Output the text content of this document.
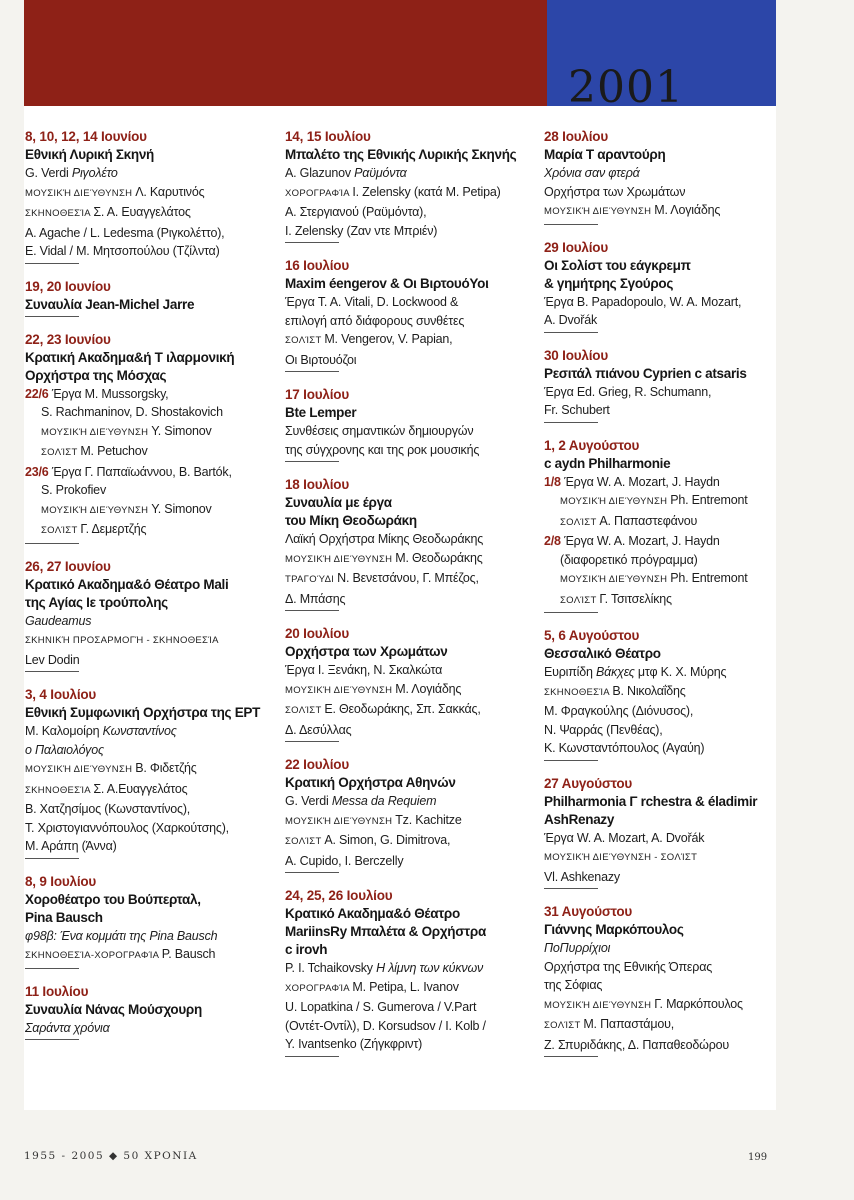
2001
8, 10, 12, 14 Ιουνίου
Εθνική Λυρική Σκηνή
G. Verdi Ριγολέτο
ΜΟΥΣΙΚΉ ΔΙΕΎΘΥΝΣΗ Λ. Καρυτινός
ΣΚΗΝΟΘΕΣΊΑ Σ. Α. Ευαγγελάτος
A. Agache / L. Ledesma (Ριγκολέττο),
E. Vidal / Μ. Μητσοπούλου (Τζίλντα)
19, 20 Ιουνίου
Συναυλία Jean-Michel Jarre
22, 23 Ιουνίου
Κρατική Ακαδημα&ή Τ ιλαρμονική
Ορχήστρα της Μόσχας
22/6 Έργα M. Mussorgsky,
S. Rachmaninov, D. Shostakovich
ΜΟΥΣΙΚΉ ΔΙΕΎΘΥΝΣΗ Y. Simonov
ΣΟΛΊΣΤ M. Petuchov
23/6 Έργα Γ. Παπαϊωάννου, B. Bartók,
S. Prokofiev
ΜΟΥΣΙΚΉ ΔΙΕΎΘΥΝΣΗ Y. Simonov
ΣΟΛΊΣΤ Γ. Δεμερτζής
26, 27 Ιουνίου
Κρατικό Ακαδημα&ό Θέατρο Mali
της Αγίας Ιε τρούπολης
Gaudeamus
ΣΚΗΝΙΚΉ ΠΡΟΣΑΡΜΟΓΉ - ΣΚΗΝΟΘΕΣΊΑ
Lev Dodin
3, 4 Ιουλίου
Εθνική Συμφωνική Ορχήστρα της ΕΡΤ
Μ. Καλομοίρη Κωνσταντίνος
ο Παλαιολόγος
ΜΟΥΣΙΚΉ ΔΙΕΎΘΥΝΣΗ Β. Φιδετζής
ΣΚΗΝΟΘΕΣΊΑ Σ. Α.Ευαγγελάτος
Β. Χατζησίμος (Κωνσταντίνος),
Τ. Χριστογιαννόπουλος (Χαρκούτσης),
Μ. Αράπη (Άννα)
8, 9 Ιουλίου
Χοροθέατρο του Βούπερταλ,
Pina Bausch
φ98β: Ένα κομμάτι της Pina Bausch
ΣΚΗΝΟΘΕΣΊΑ-ΧΟΡΟΓΡΑΦΊΑ P. Bausch
11 Ιουλίου
Συναυλία Νάνας Μούσχουρη
Σαράντα χρόνια
14, 15 Ιουλίου
Μπαλέτο της Εθνικής Λυρικής Σκηνής
A. Glazunov Ραϋμόντα
ΧΟΡΟΓΡΑΦΊΑ I. Zelensky (κατά M. Petipa)
Α. Στεργιανού (Ραϋμόντα),
I. Zelensky (Ζαν ντε Μπριέν)
16 Ιουλίου
Maxim éengerov & Οι ΒιρτουόΥοι
Έργα T. A. Vitali, D. Lockwood &
επιλογή από διάφορους συνθέτες
ΣΟΛΊΣΤ M. Vengerov, V. Papian,
Οι Βιρτουόζοι
17 Ιουλίου
Bte Lemper
Συνθέσεις σημαντικών δημιουργών
της σύγχρονης και της ροκ μουσικής
18 Ιουλίου
Συναυλία με έργα
του Μίκη Θεοδωράκη
Λαϊκή Ορχήστρα Μίκης Θεοδωράκης
ΜΟΥΣΙΚΉ ΔΙΕΎΘΥΝΣΗ Μ. Θεοδωράκης
ΤΡΑΓΟΎΔΙ Ν. Βενετσάνου, Γ. Μπέζος,
Δ. Μπάσης
20 Ιουλίου
Ορχήστρα των Χρωμάτων
Έργα Ι. Ξενάκη, Ν. Σκαλκώτα
ΜΟΥΣΙΚΉ ΔΙΕΎΘΥΝΣΗ Μ. Λογιάδης
ΣΟΛΊΣΤ Ε. Θεοδωράκης, Σπ. Σακκάς,
Δ. Δεσύλλας
22 Ιουλίου
Κρατική Ορχήστρα Αθηνών
G. Verdi Messa da Requiem
ΜΟΥΣΙΚΉ ΔΙΕΎΘΥΝΣΗ Tz. Kachitze
ΣΟΛΊΣΤ A. Simon, G. Dimitrova,
A. Cupido, I. Berczelly
24, 25, 26 Ιουλίου
Κρατικό Ακαδημα&ό Θέατρο
MariinsRy Μπαλέτα & Ορχήστρα
c irovh
P. I. Tchaikovsky Η λίμνη των κύκνων
ΧΟΡΟΓΡΑΦΊΑ M. Petipa, L. Ivanov
U. Lopatkina / S. Gumerova / V.Part
(Οντέτ-Οντίλ), D. Korsudsov / I. Kolb /
Y. Ivantsenko (Ζήγκφριντ)
28 Ιουλίου
Μαρία Τ αραντούρη
Χρόνια σαν φτερά
Ορχήστρα των Χρωμάτων
ΜΟΥΣΙΚΉ ΔΙΕΎΘΥΝΣΗ Μ. Λογιάδης
29 Ιουλίου
Οι Σολίστ του εάγκρεμπ
& γημήτρης Σγούρος
Έργα B. Papadopoulo, W. A. Mozart,
A. Dvořák
30 Ιουλίου
Ρεσιτάλ πιάνου Cyprien c atsaris
Έργα Ed. Grieg, R. Schumann,
Fr. Schubert
1, 2 Αυγούστου
c aydn Philharmonie
1/8 Έργα W. A. Mozart, J. Haydn
ΜΟΥΣΙΚΉ ΔΙΕΎΘΥΝΣΗ Ph. Entremont
ΣΟΛΊΣΤ Α. Παπαστεφάνου
2/8 Έργα W. A. Mozart, J. Haydn
(διαφορετικό πρόγραμμα)
ΜΟΥΣΙΚΉ ΔΙΕΎΘΥΝΣΗ Ph. Entremont
ΣΟΛΊΣΤ Γ. Τσιτσελίκης
5, 6 Αυγούστου
Θεσσαλικό Θέατρο
Ευριπίδη Βάκχες μτφ Κ. Χ. Μύρης
ΣΚΗΝΟΘΕΣΊΑ Β. Νικολαΐδης
Μ. Φραγκούλης (Διόνυσος),
Ν. Ψαρράς (Πενθέας),
Κ. Κωνσταντόπουλος (Αγαύη)
27 Αυγούστου
Philharmonia Γ rchestra & éladimir
AshRenazy
Έργα W. A. Mozart, A. Dvořák
ΜΟΥΣΙΚΉ ΔΙΕΎΘΥΝΣΗ - ΣΟΛΊΣΤ
Vl. Ashkenazy
31 Αυγούστου
Γιάννης Μαρκόπουλος
ΠοΠυρρίχιοι
Ορχήστρα της Εθνικής Όπερας
της Σόφιας
ΜΟΥΣΙΚΉ ΔΙΕΎΘΥΝΣΗ Γ. Μαρκόπουλος
ΣΟΛΊΣΤ Μ. Παπαστάμου,
Ζ. Σπυριδάκης, Δ. Παπαθεοδώρου
1955 - 2005 ◆ 50 ΧΡΟΝΙΑ	199
